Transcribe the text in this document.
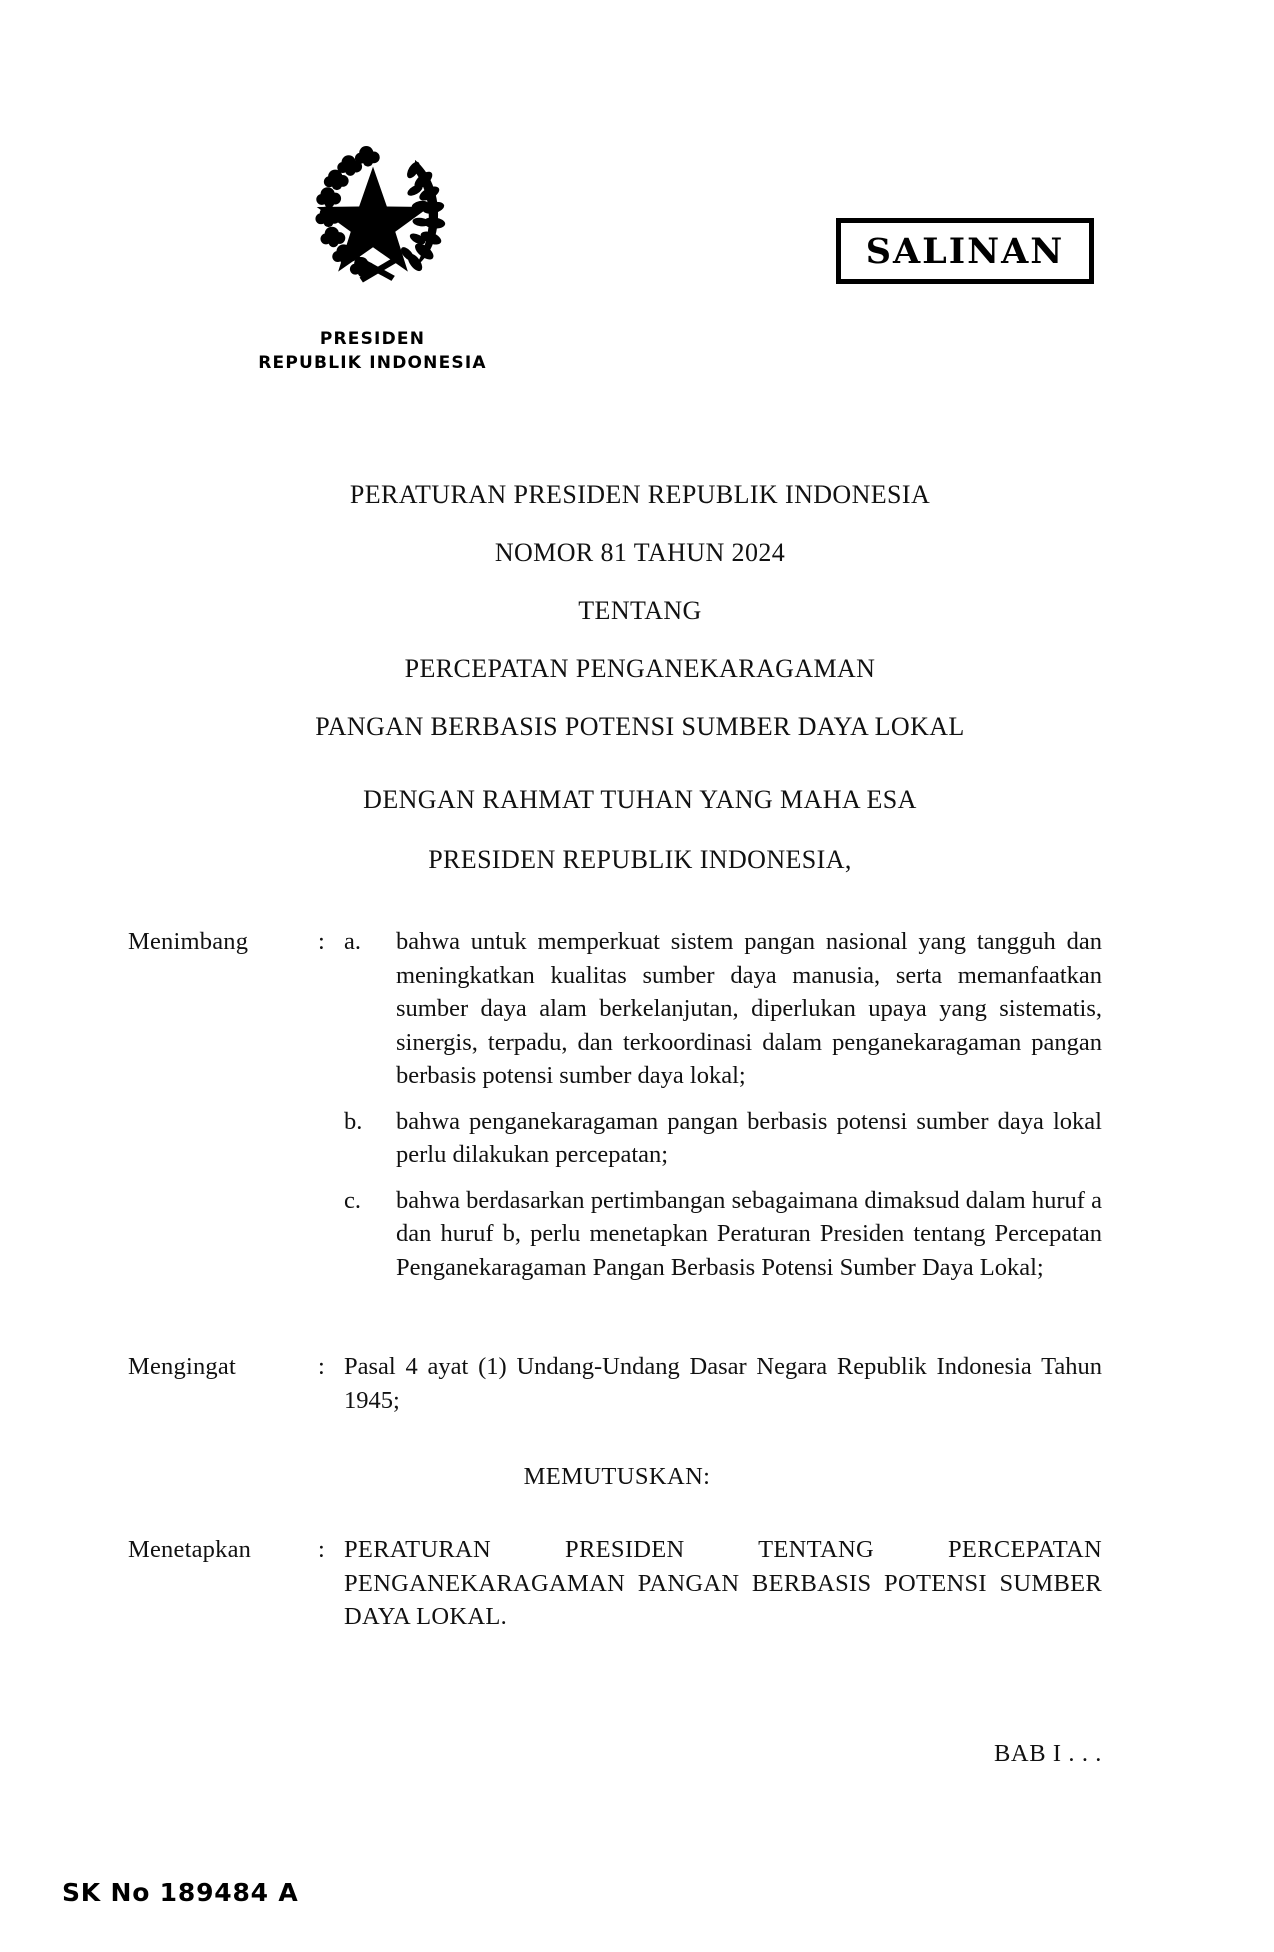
PRESIDEN
REPUBLIK INDONESIA
SALINAN
PERATURAN PRESIDEN REPUBLIK INDONESIA
NOMOR 81 TAHUN 2024
TENTANG
PERCEPATAN PENGANEKARAGAMAN
PANGAN BERBASIS POTENSI SUMBER DAYA LOKAL
DENGAN RAHMAT TUHAN YANG MAHA ESA
PRESIDEN REPUBLIK INDONESIA,
Menimbang	: a.	bahwa untuk memperkuat sistem pangan nasional yang tangguh dan meningkatkan kualitas sumber daya manusia, serta memanfaatkan sumber daya alam berkelanjutan, diperlukan upaya yang sistematis, sinergis, terpadu, dan terkoordinasi dalam penganekaragaman pangan berbasis potensi sumber daya lokal;
b.	bahwa penganekaragaman pangan berbasis potensi sumber daya lokal perlu dilakukan percepatan;
c.	bahwa berdasarkan pertimbangan sebagaimana dimaksud dalam huruf a dan huruf b, perlu menetapkan Peraturan Presiden tentang Percepatan Penganekaragaman Pangan Berbasis Potensi Sumber Daya Lokal;
Mengingat	: Pasal 4 ayat (1) Undang-Undang Dasar Negara Republik Indonesia Tahun 1945;
MEMUTUSKAN:
Menetapkan	: PERATURAN PRESIDEN TENTANG PERCEPATAN PENGANEKARAGAMAN PANGAN BERBASIS POTENSI SUMBER DAYA LOKAL.
BAB I . . .
SK No 189484 A
